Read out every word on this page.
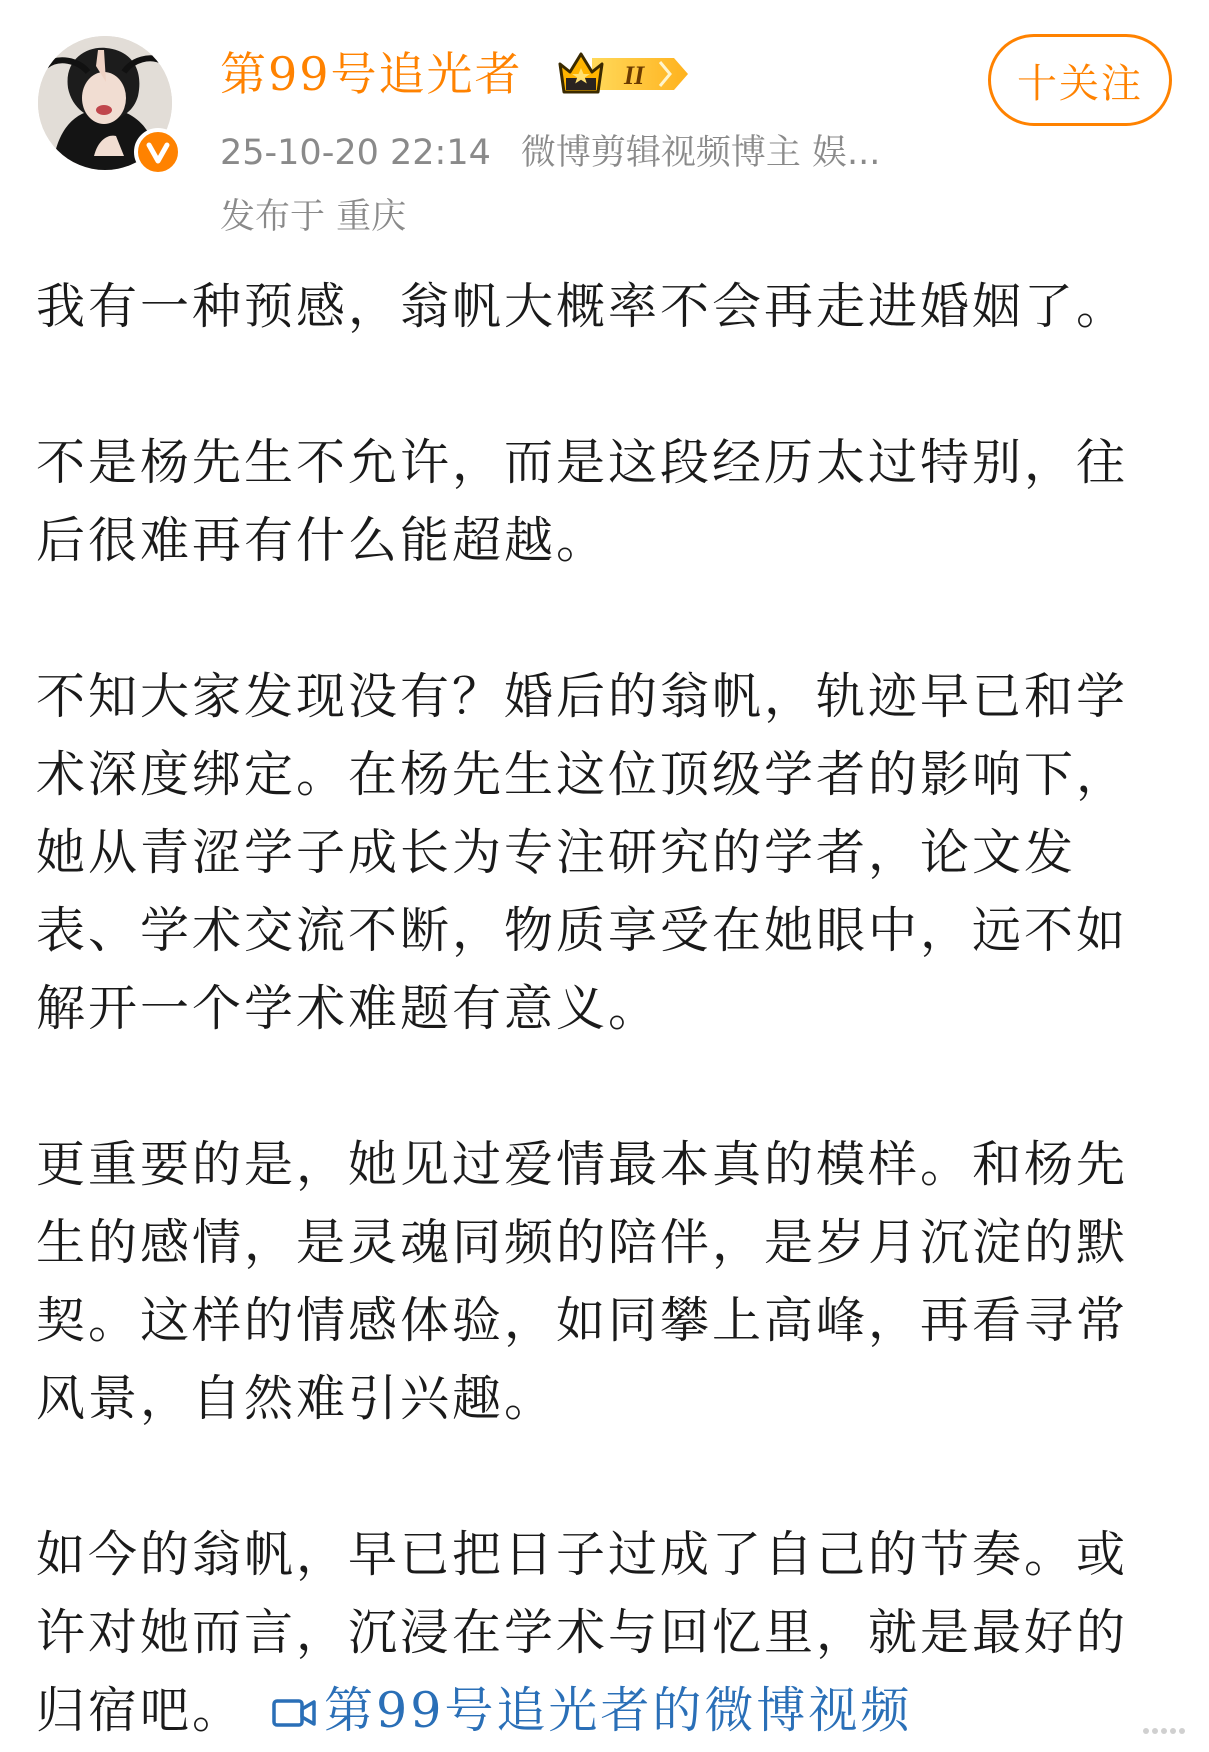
第99号追光者	II
25-10-20 22:14 微博剪辑视频博主 娱...
发布于 重庆
十关注
我有一种预感，翁帆大概率不会再走进婚姻了。
不是杨先生不允许，而是这段经历太过特别，往
后很难再有什么能超越。
不知大家发现没有？婚后的翁帆，轨迹早已和学
术深度绑定。在杨先生这位顶级学者的影响下，
她从青涩学子成长为专注研究的学者，论文发
表、学术交流不断，物质享受在她眼中，远不如
解开一个学术难题有意义。
更重要的是，她见过爱情最本真的模样。和杨先
生的感情，是灵魂同频的陪伴，是岁月沉淀的默
契。这样的情感体验，如同攀上高峰，再看寻常
风景，自然难引兴趣。
如今的翁帆，早已把日子过成了自己的节奏。或
许对她而言，沉浸在学术与回忆里，就是最好的
归宿吧。 第99号追光者的微博视频
